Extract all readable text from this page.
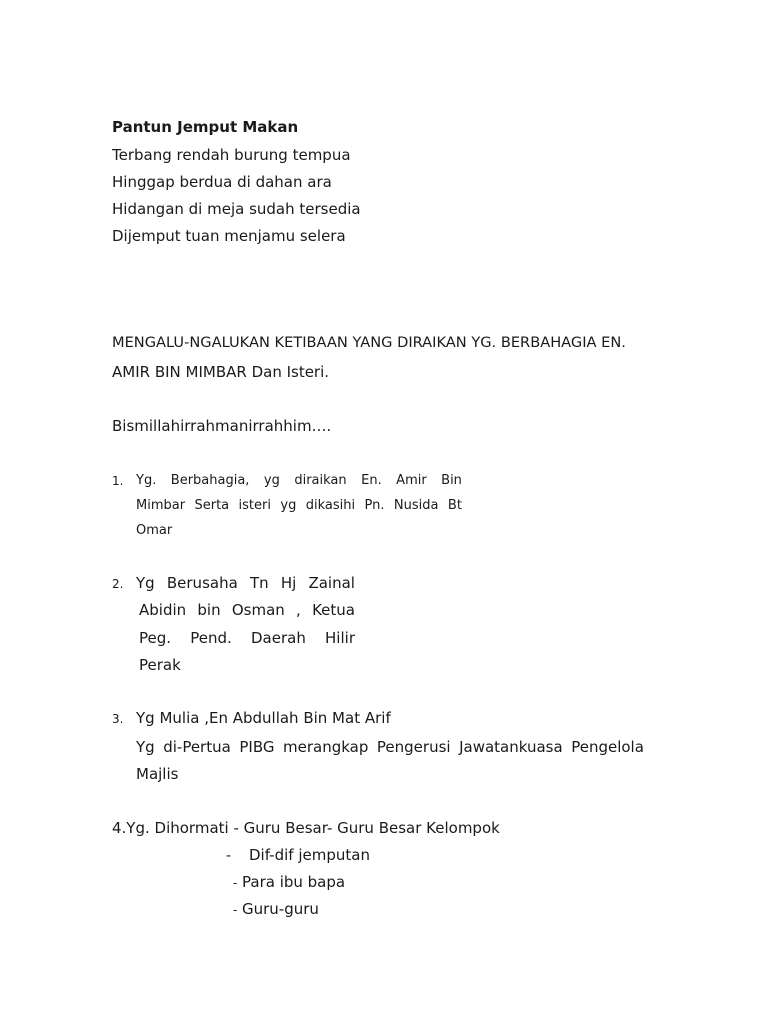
Pantun Jemput Makan
Terbang rendah burung tempua
Hinggap berdua di dahan ara
Hidangan di meja sudah tersedia
Dijemput tuan menjamu selera
MENGALU-NGALUKAN KETIBAAN YANG DIRAIKAN YG. BERBAHAGIA EN.
AMIR BIN MIMBAR Dan Isteri.
Bismillahirrahmanirrahhim….
1. Yg. Berbahagia, yg diraikan En. Amir Bin
Mimbar Serta isteri yg dikasihi Pn. Nusida Bt
Omar
2. Yg Berusaha Tn Hj Zainal
Abidin bin Osman , Ketua
Peg. Pend. Daerah Hilir
Perak
3. Yg Mulia ,En Abdullah Bin Mat Arif
Yg di-Pertua PIBG merangkap Pengerusi Jawatankuasa Pengelola
Majlis
4.Yg. Dihormati - Guru Besar- Guru Besar Kelompok
- Dif-dif jemputan
- Para ibu bapa
- Guru-guru
